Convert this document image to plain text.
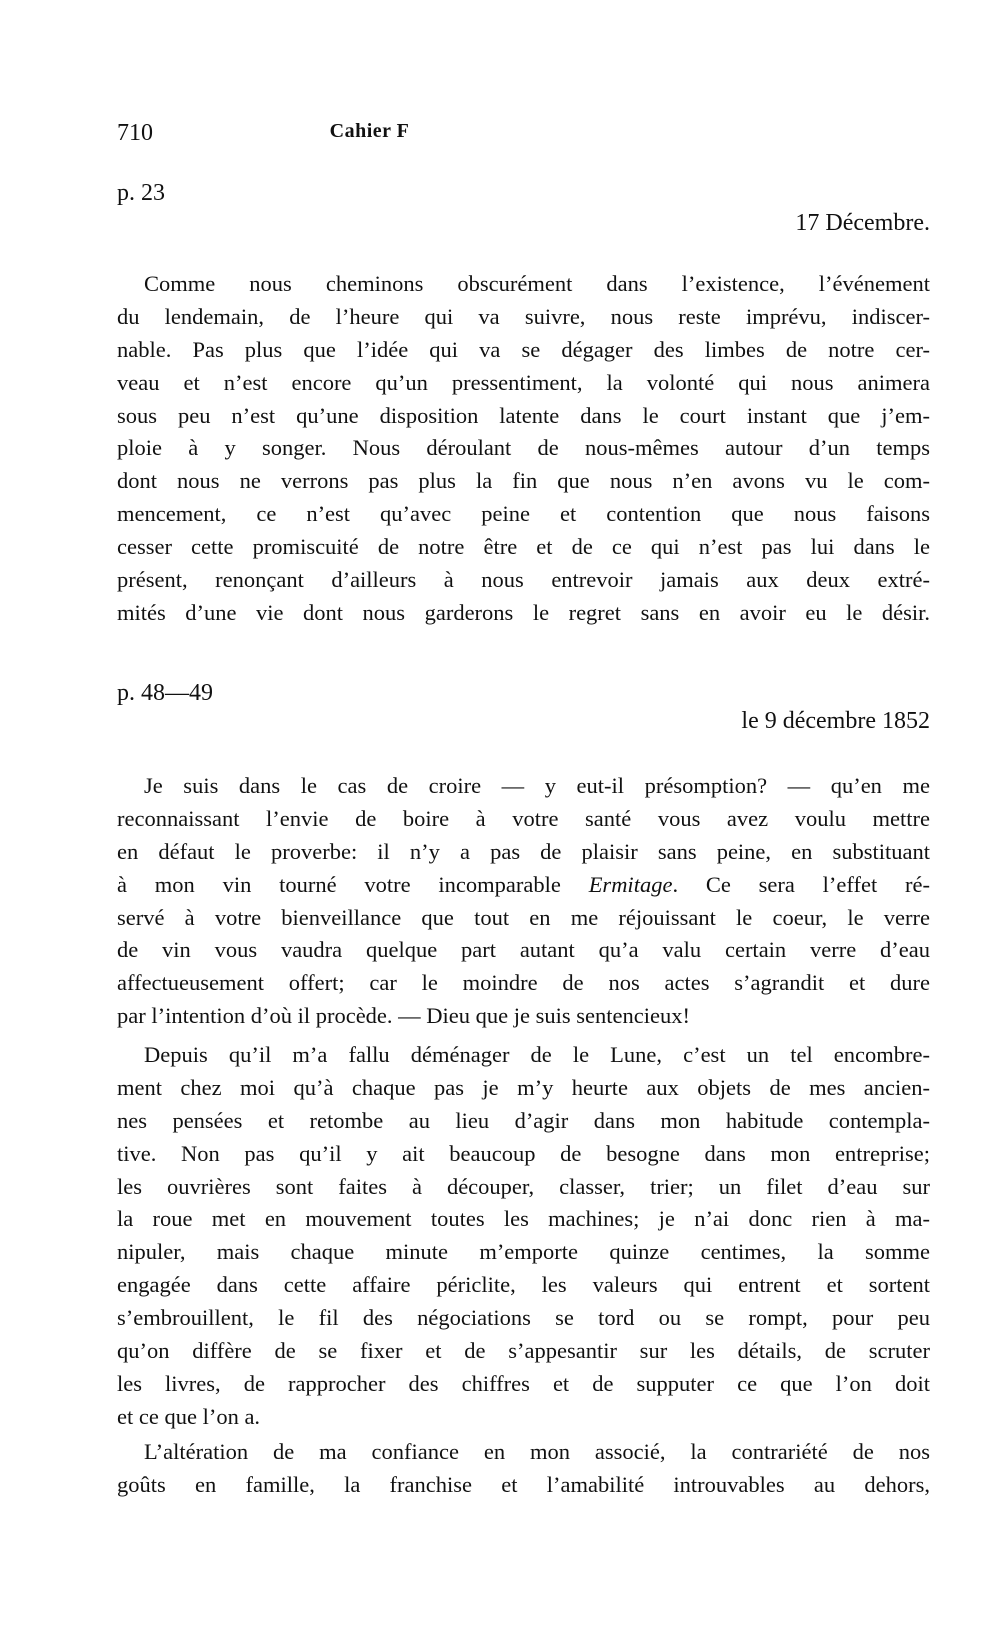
710	Cahier F
p. 23
17 Décembre.
Comme nous cheminons obscurément dans l’existence, l’événement
du lendemain, de l’heure qui va suivre, nous reste imprévu, indiscer-
nable. Pas plus que l’idée qui va se dégager des limbes de notre cer-
veau et n’est encore qu’un pressentiment, la volonté qui nous animera
sous peu n’est qu’une disposition latente dans le court instant que j’em-
ploie à y songer. Nous déroulant de nous-mêmes autour d’un temps
dont nous ne verrons pas plus la fin que nous n’en avons vu le com-
mencement, ce n’est qu’avec peine et contention que nous faisons
cesser cette promiscuité de notre être et de ce qui n’est pas lui dans le
présent, renonçant d’ailleurs à nous entrevoir jamais aux deux extré-
mités d’une vie dont nous garderons le regret sans en avoir eu le désir.
p. 48—49
le 9 décembre 1852
Je suis dans le cas de croire — y eut-il présomption? — qu’en me
reconnaissant l’envie de boire à votre santé vous avez voulu mettre
en défaut le proverbe: il n’y a pas de plaisir sans peine, en substituant
à mon vin tourné votre incomparable Ermitage. Ce sera l’effet ré-
servé à votre bienveillance que tout en me réjouissant le coeur, le verre
de vin vous vaudra quelque part autant qu’a valu certain verre d’eau
affectueusement offert; car le moindre de nos actes s’agrandit et dure
par l’intention d’où il procède. — Dieu que je suis sentencieux!
Depuis qu’il m’a fallu déménager de le Lune, c’est un tel encombre-
ment chez moi qu’à chaque pas je m’y heurte aux objets de mes ancien-
nes pensées et retombe au lieu d’agir dans mon habitude contempla-
tive. Non pas qu’il y ait beaucoup de besogne dans mon entreprise;
les ouvrières sont faites à découper, classer, trier; un filet d’eau sur
la roue met en mouvement toutes les machines; je n’ai donc rien à ma-
nipuler, mais chaque minute m’emporte quinze centimes, la somme
engagée dans cette affaire périclite, les valeurs qui entrent et sortent
s’embrouillent, le fil des négociations se tord ou se rompt, pour peu
qu’on diffère de se fixer et de s’appesantir sur les détails, de scruter
les livres, de rapprocher des chiffres et de supputer ce que l’on doit
et ce que l’on a.
L’altération de ma confiance en mon associé, la contrariété de nos
goûts en famille, la franchise et l’amabilité introuvables au dehors,
